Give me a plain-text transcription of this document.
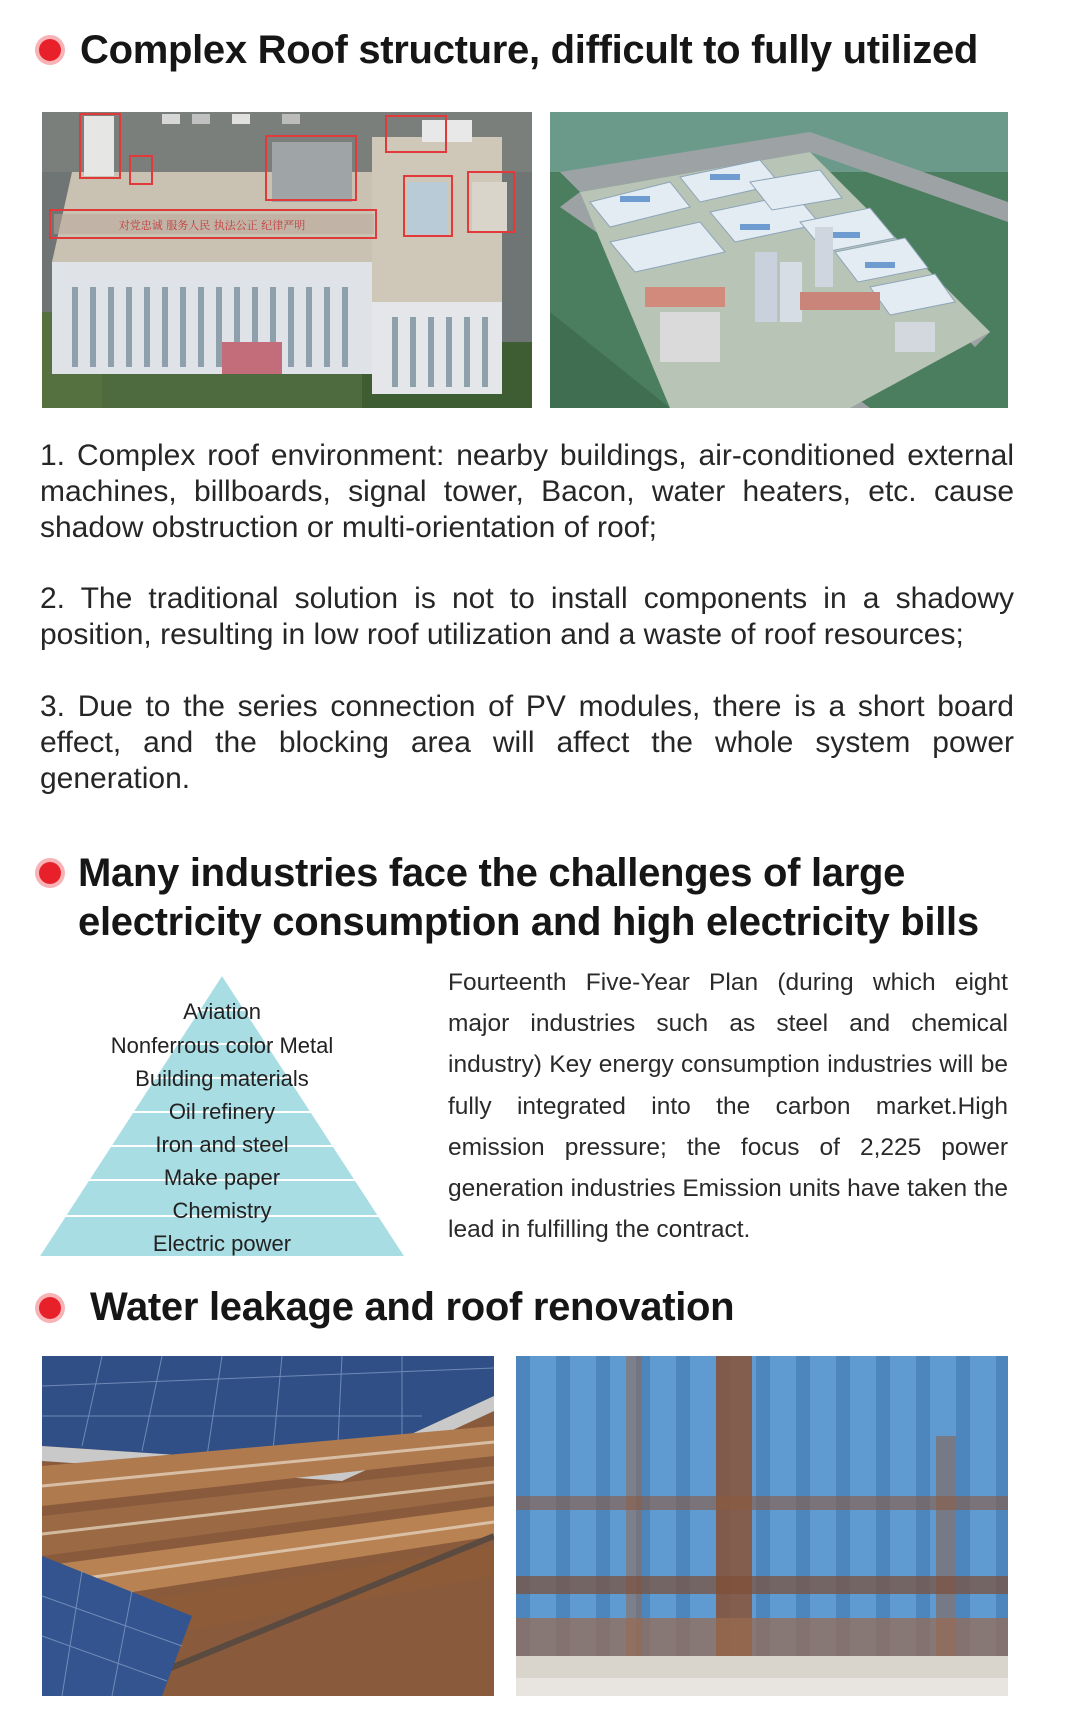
Complex Roof structure, difficult to fully utilized
对党忠诚 服务人民 执法公正 纪律严明
1. Complex roof environment: nearby buildings, air-conditioned external machines, billboards, signal tower, Bacon, water heaters, etc. cause shadow obstruction or multi-orientation of roof;
2. The traditional solution is not to install components in a shadowy position, resulting in low roof utilization and a waste of roof resources;
3. Due to the series connection of PV modules, there is a short board effect, and the blocking area will affect the whole system power generation.
Many industries face the challenges of large
electricity consumption and high electricity bills
Aviation
Nonferrous color Metal
Building materials
Oil refinery
Iron and steel
Make paper
Chemistry
Electric power
Fourteenth Five-Year Plan (during which eight major industries such as steel and chemical industry) Key energy consumption industries will be fully integrated into the carbon market.High emission pressure; the focus of 2,225 power generation industries Emission units have taken the lead in fulfilling the contract.
Water leakage and roof renovation
